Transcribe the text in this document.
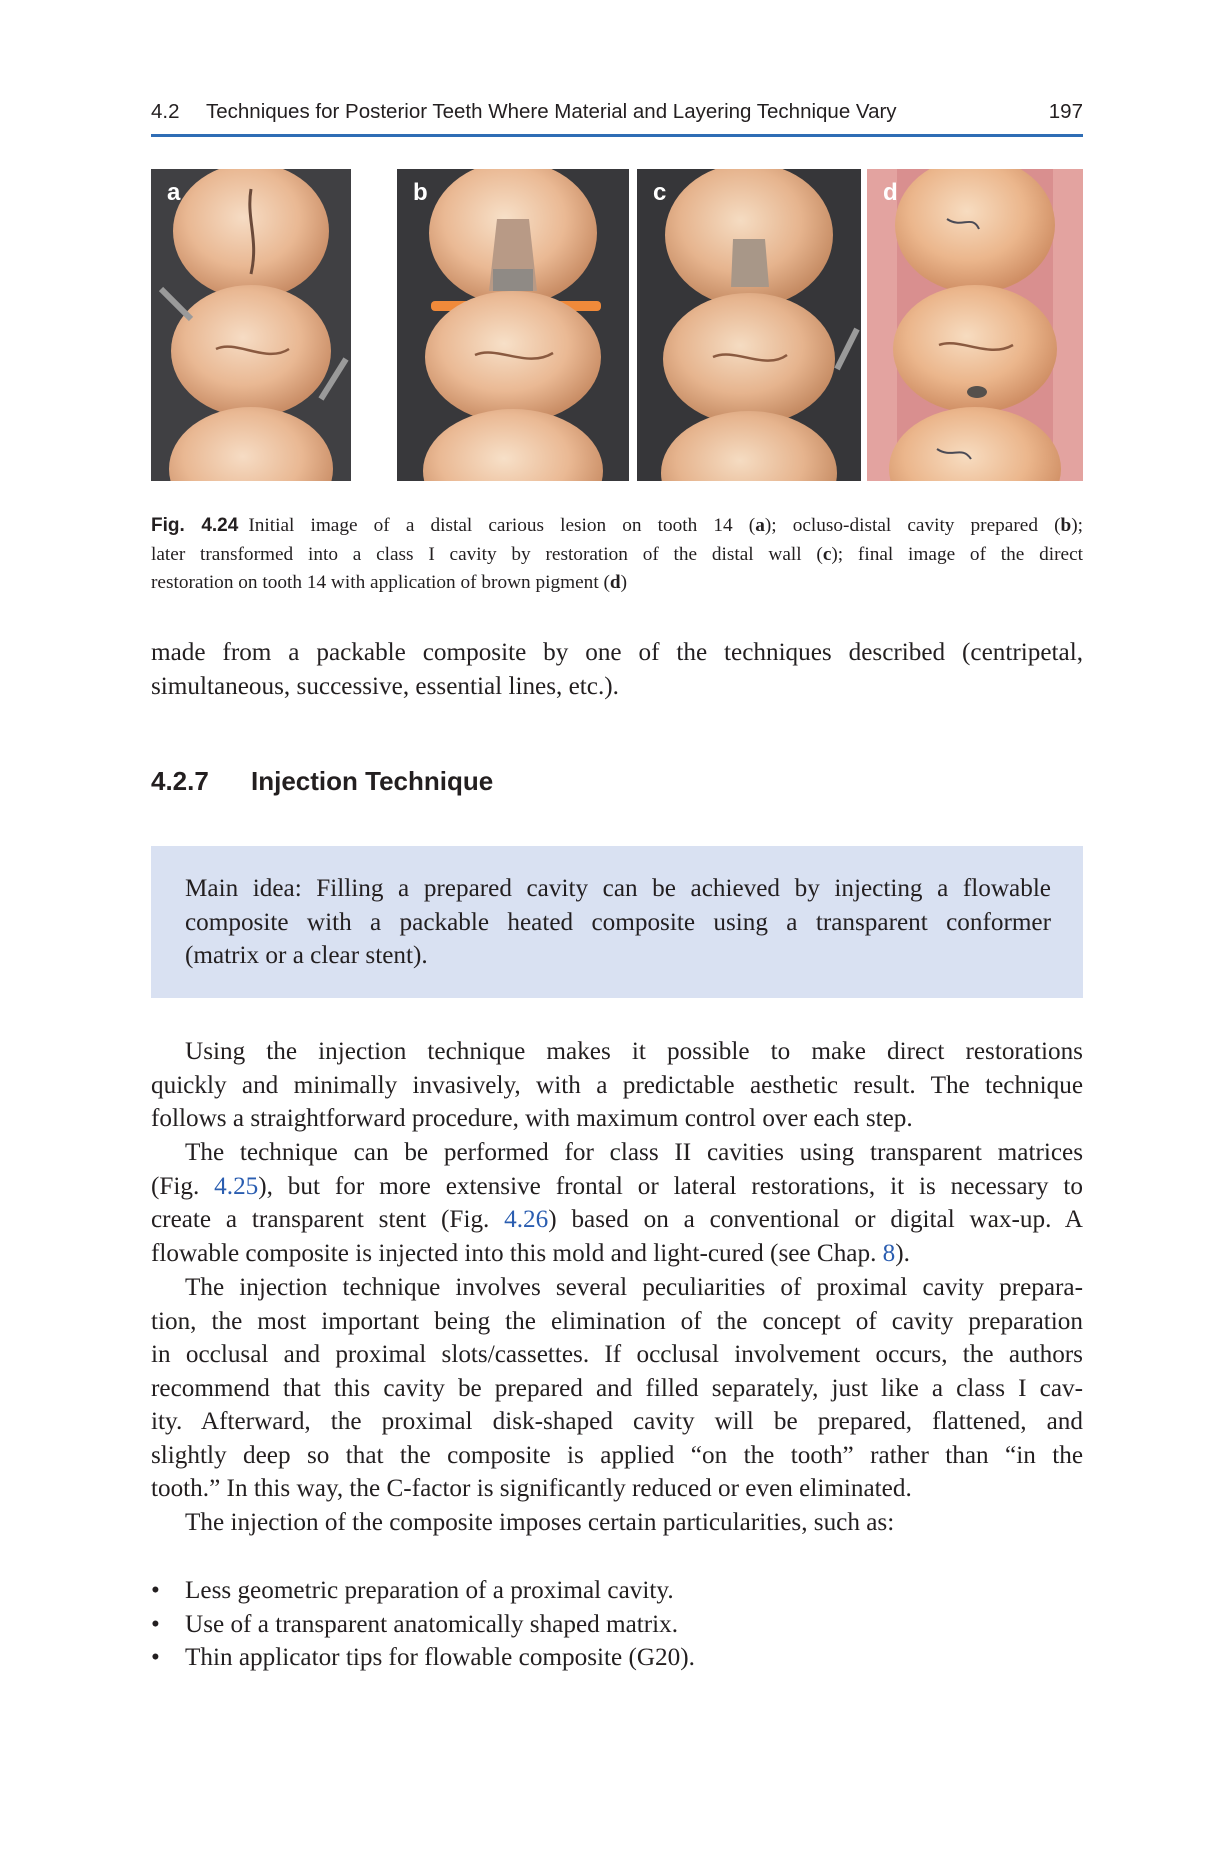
4.2 Techniques for Posterior Teeth Where Material and Layering Technique Vary	197
a	b	c	d
Fig. 4.24 Initial image of a distal carious lesion on tooth 14 (a); ocluso-distal cavity prepared (b);
later transformed into a class I cavity by restoration of the distal wall (c); final image of the direct
restoration on tooth 14 with application of brown pigment (d)
made from a packable composite by one of the techniques described (centripetal,
simultaneous, successive, essential lines, etc.).
4.2.7 Injection Technique
Main idea: Filling a prepared cavity can be achieved by injecting a flowable
composite with a packable heated composite using a transparent conformer
(matrix or a clear stent).
Using the injection technique makes it possible to make direct restorations
quickly and minimally invasively, with a predictable aesthetic result. The technique
follows a straightforward procedure, with maximum control over each step.
The technique can be performed for class II cavities using transparent matrices
(Fig. 4.25), but for more extensive frontal or lateral restorations, it is necessary to
create a transparent stent (Fig. 4.26) based on a conventional or digital wax-up. A
flowable composite is injected into this mold and light-cured (see Chap. 8).
The injection technique involves several peculiarities of proximal cavity prepara-
tion, the most important being the elimination of the concept of cavity preparation
in occlusal and proximal slots/cassettes. If occlusal involvement occurs, the authors
recommend that this cavity be prepared and filled separately, just like a class I cav-
ity. Afterward, the proximal disk-shaped cavity will be prepared, flattened, and
slightly deep so that the composite is applied “on the tooth” rather than “in the
tooth.” In this way, the C-factor is significantly reduced or even eliminated.
The injection of the composite imposes certain particularities, such as:
• Less geometric preparation of a proximal cavity.
• Use of a transparent anatomically shaped matrix.
• Thin applicator tips for flowable composite (G20).
